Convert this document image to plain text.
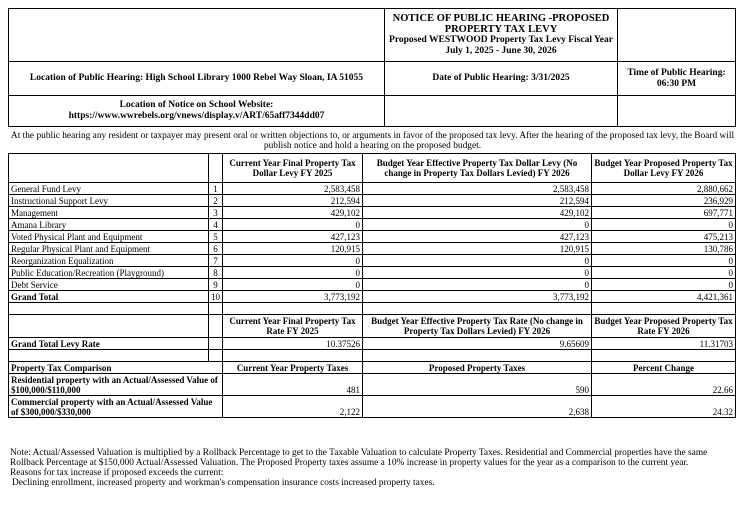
	NOTICE OF PUBLIC HEARING -PROPOSED PROPERTY TAX LEVY
Proposed WESTWOOD Property Tax Levy Fiscal Year July 1, 2025 - June 30, 2026	

Location of Public Hearing: High School Library 1000 Rebel Way Sloan, IA 51055	Date of Public Hearing: 3/31/2025	Time of Public Hearing: 06:30 PM

Location of Notice on School Website:
https://www.wwrebels.org/vnews/display.v/ART/65aff7344dd07		

At the public hearing any resident or taxpayer may present oral or written objections to, or arguments in favor of the proposed tax levy. After the hearing of the proposed tax levy, the Board will publish notice and hold a hearing on the proposed budget.
		Current Year Final Property Tax Dollar Levy FY 2025	Budget Year Effective Property Tax Dollar Levy (No change in Property Tax Dollars Levied) FY 2026	Budget Year Proposed Property Tax Dollar Levy FY 2026
General Fund Levy	1	2,583,458	2,583,458	2,880,662
Instructional Support Levy	2	212,594	212,594	236,929
Management	3	429,102	429,102	697,771
Amana Library	4	0	0	0
Voted Physical Plant and Equipment	5	427,123	427,123	475,213
Regular Physical Plant and Equipment	6	120,915	120,915	130,786
Reorganization Equalization	7	0	0	0
Public Education/Recreation (Playground)	8	0	0	0
Debt Service	9	0	0	0
Grand Total	10	3,773,192	3,773,192	4,421,361

		Current Year Final Property Tax Rate FY 2025	Budget Year Effective Property Tax Rate (No change in Property Tax Dollars Levied) FY 2026	Budget Year Proposed Property Tax Rate FY 2026
Grand Total Levy Rate		10.37526	9.65609	11.31703

Property Tax Comparison		Current Year Property Taxes	Proposed Property Taxes	Percent Change
Residential property with an Actual/Assessed Value of $100,000/$110,000		481	590	22.66
Commercial property with an Actual/Assessed Value of $300,000/$330,000		2,122	2,638	24.32

Note: Actual/Assessed Valuation is multiplied by a Rollback Percentage to get to the Taxable Valuation to calculate Property Taxes. Residential and Commercial properties have the same Rollback Percentage at $150,000 Actual/Assessed Valuation. The Proposed Property taxes assume a 10% increase in property values for the year as a comparison to the current year.

Reasons for tax increase if proposed exceeds the current:

Declining enrollment, increased property and workman's compensation insurance costs increased property taxes.
